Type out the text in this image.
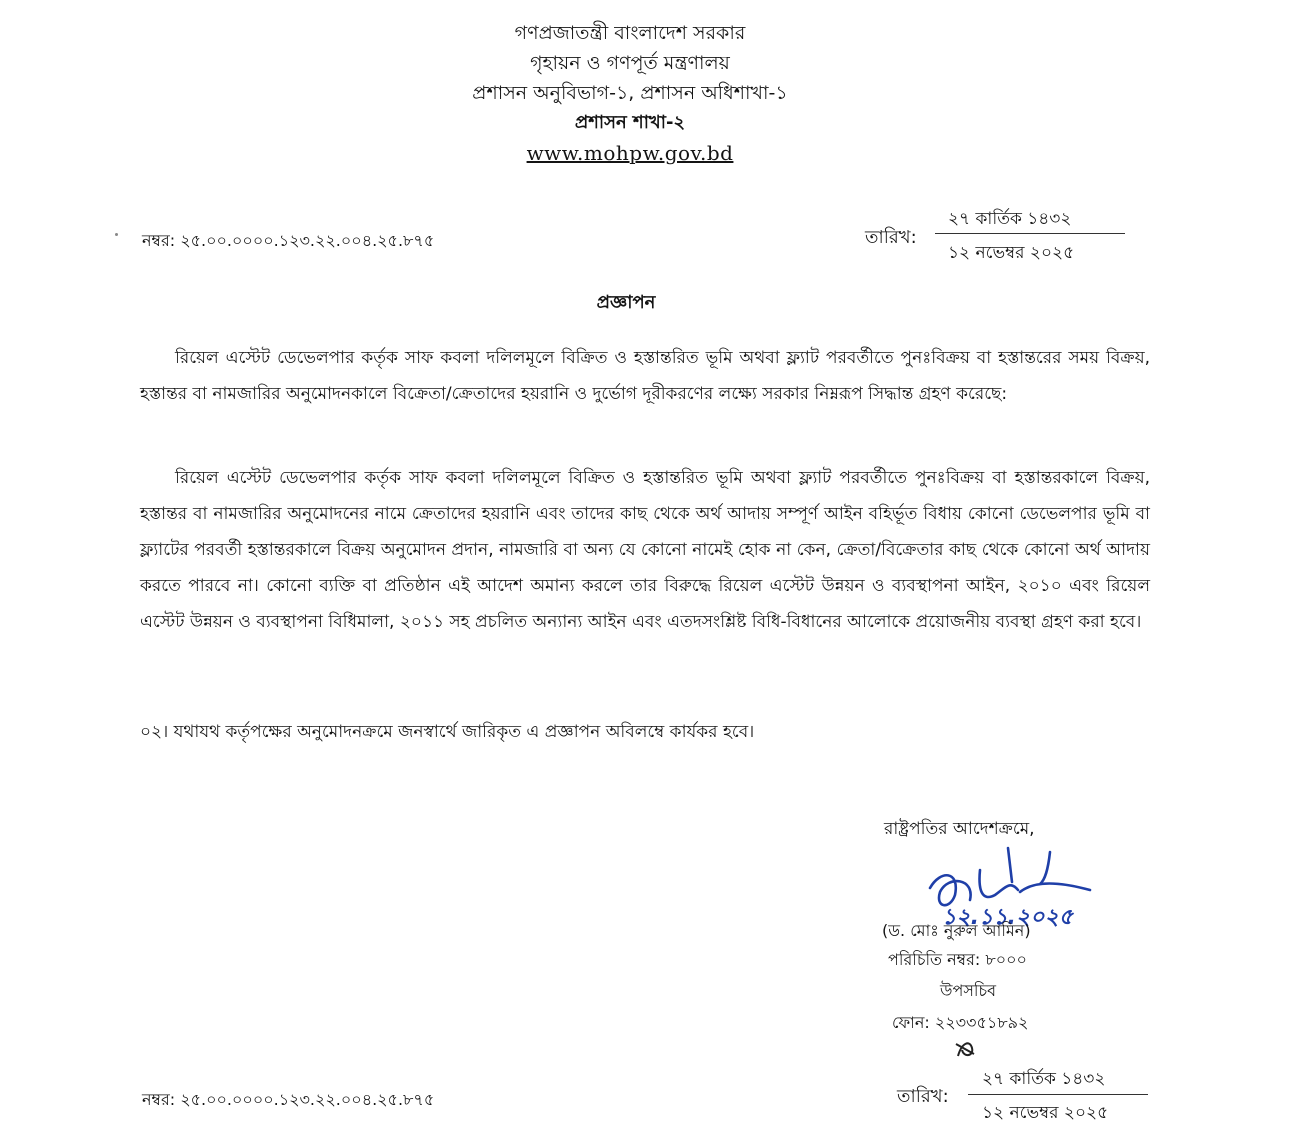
গণপ্রজাতন্ত্রী বাংলাদেশ সরকার
গৃহায়ন ও গণপূর্ত মন্ত্রণালয়
প্রশাসন অনুবিভাগ-১, প্রশাসন অধিশাখা-১
প্রশাসন শাখা-২
www.mohpw.gov.bd
নম্বর: ২৫.০০.০০০০.১২৩.২২.০০৪.২৫.৮৭৫	তারিখ:
২৭ কার্তিক ১৪৩২
১২ নভেম্বর ২০২৫
প্রজ্ঞাপন

রিয়েল এস্টেট ডেভেলপার কর্তৃক সাফ কবলা দলিলমূলে বিক্রিত ও হস্তান্তরিত ভূমি অথবা ফ্ল্যাট পরবর্তীতে পুনঃবিক্রয় বা হস্তান্তরের সময় বিক্রয়, হস্তান্তর বা নামজারির অনুমোদনকালে বিক্রেতা/ক্রেতাদের হয়রানি ও দুর্ভোগ দূরীকরণের লক্ষ্যে সরকার নিম্নরূপ সিদ্ধান্ত গ্রহণ করেছে:

রিয়েল এস্টেট ডেভেলপার কর্তৃক সাফ কবলা দলিলমূলে বিক্রিত ও হস্তান্তরিত ভূমি অথবা ফ্ল্যাট পরবর্তীতে পুনঃবিক্রয় বা হস্তান্তরকালে বিক্রয়, হস্তান্তর বা নামজারির অনুমোদনের নামে ক্রেতাদের হয়রানি এবং তাদের কাছ থেকে অর্থ আদায় সম্পূর্ণ আইন বহির্ভূত বিধায় কোনো ডেভেলপার ভূমি বা ফ্ল্যাটের পরবর্তী হস্তান্তরকালে বিক্রয় অনুমোদন প্রদান, নামজারি বা অন্য যে কোনো নামেই হোক না কেন, ক্রেতা/বিক্রেতার কাছ থেকে কোনো অর্থ আদায় করতে পারবে না। কোনো ব্যক্তি বা প্রতিষ্ঠান এই আদেশ অমান্য করলে তার বিরুদ্ধে রিয়েল এস্টেট উন্নয়ন ও ব্যবস্থাপনা আইন, ২০১০ এবং রিয়েল এস্টেট উন্নয়ন ও ব্যবস্থাপনা বিধিমালা, ২০১১ সহ প্রচলিত অন্যান্য আইন এবং এতদসংশ্লিষ্ট বিধি-বিধানের আলোকে প্রয়োজনীয় ব্যবস্থা গ্রহণ করা হবে।

০২। যথাযথ কর্তৃপক্ষের অনুমোদনক্রমে জনস্বার্থে জারিকৃত এ প্রজ্ঞাপন অবিলম্বে কার্যকর হবে।

রাষ্ট্রপতির আদেশক্রমে,
১২.১১.২০২৫
(ড. মোঃ নুরুল আমিন)
পরিচিতি নম্বর: ৮০০০
উপসচিব
ফোন: ২২৩৩৫১৮৯২
নম্বর: ২৫.০০.০০০০.১২৩.২২.০০৪.২৫.৮৭৫	তারিখ:
২৭ কার্তিক ১৪৩২
১২ নভেম্বর ২০২৫
